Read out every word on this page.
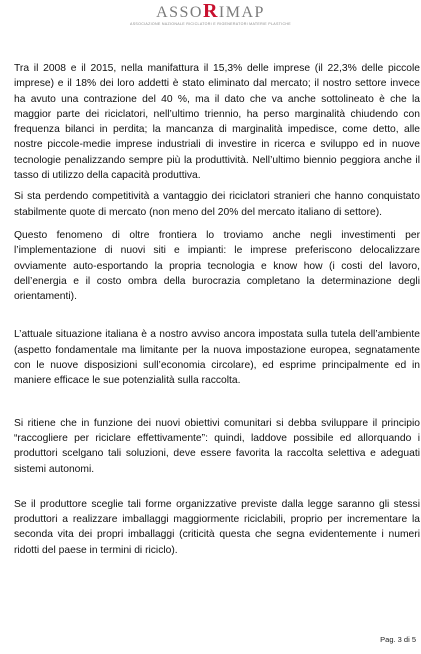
ASSORIMAP
ASSOCIAZIONE NAZIONALE RICICLATORI E RIGENERATORI MATERIE PLASTICHE

Tra il 2008 e il 2015, nella manifattura il 15,3% delle imprese (il 22,3% delle piccole imprese) e il 18% dei loro addetti è stato eliminato dal mercato; il nostro settore invece ha avuto una contrazione del 40 %, ma il dato che va anche sottolineato è che la maggior parte dei riciclatori, nell’ultimo triennio, ha perso marginalità chiudendo con frequenza bilanci in perdita; la mancanza di marginalità impedisce, come detto, alle nostre piccole-medie imprese industriali di investire in ricerca e sviluppo ed in nuove tecnologie penalizzando sempre più la produttività. Nell’ultimo biennio peggiora anche il tasso di utilizzo della capacità produttiva.

Si sta perdendo competitività a vantaggio dei riciclatori stranieri che hanno conquistato stabilmente quote di mercato (non meno del 20% del mercato italiano di settore).

Questo fenomeno di oltre frontiera lo troviamo anche negli investimenti per l’implementazione di nuovi siti e impianti: le imprese preferiscono delocalizzare ovviamente auto-esportando la propria tecnologia e know how (i costi del lavoro, dell’energia e il costo ombra della burocrazia completano la determinazione degli orientamenti).

L’attuale situazione italiana è a nostro avviso ancora impostata sulla tutela dell’ambiente (aspetto fondamentale ma limitante per la nuova impostazione europea, segnatamente con le nuove disposizioni sull’economia circolare), ed esprime principalmente ed in maniere efficace le sue potenzialità sulla raccolta.

Si ritiene che in funzione dei nuovi obiettivi comunitari si debba sviluppare il principio “raccogliere per riciclare effettivamente”: quindi, laddove possibile ed allorquando i produttori scelgano tali soluzioni, deve essere favorita la raccolta selettiva e adeguati sistemi autonomi.

Se il produttore sceglie tali forme organizzative previste dalla legge saranno gli stessi produttori a realizzare imballaggi maggiormente riciclabili, proprio per incrementare la seconda vita dei propri imballaggi (criticità questa che segna evidentemente i numeri ridotti del paese in termini di riciclo).

Pag. 3 di 5
